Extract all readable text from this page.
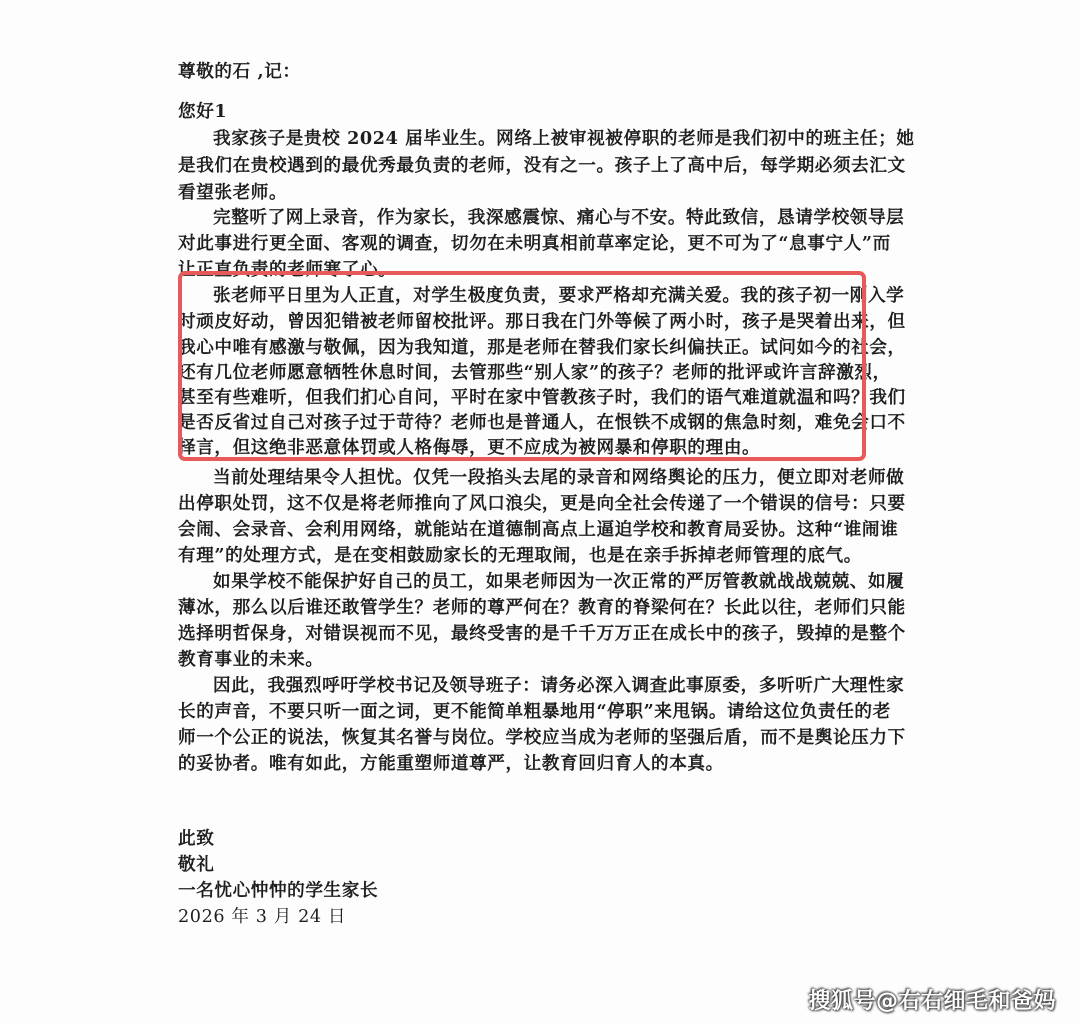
尊敬的石 ,记：
您好1
我家孩子是贵校 2024 届毕业生。网络上被审视被停职的老师是我们初中的班主任；她
是我们在贵校遇到的最优秀最负责的老师，没有之一。孩子上了高中后，每学期必须去汇文
看望张老师。
完整听了网上录音，作为家长，我深感震惊、痛心与不安。特此致信，恳请学校领导层
对此事进行更全面、客观的调查，切勿在未明真相前草率定论，更不可为了“息事宁人”而
让正直负责的老师寒了心。
张老师平日里为人正直，对学生极度负责，要求严格却充满关爱。我的孩子初一刚入学
时顽皮好动，曾因犯错被老师留校批评。那日我在门外等候了两小时，孩子是哭着出来，但
我心中唯有感激与敬佩，因为我知道，那是老师在替我们家长纠偏扶正。试问如今的社会，
还有几位老师愿意牺牲休息时间，去管那些“别人家”的孩子？老师的批评或许言辞激烈，
甚至有些难听，但我们扪心自问，平时在家中管教孩子时，我们的语气难道就温和吗？我们
是否反省过自己对孩子过于苛待？老师也是普通人，在恨铁不成钢的焦急时刻，难免会口不
择言，但这绝非恶意体罚或人格侮辱，更不应成为被网暴和停职的理由。
当前处理结果令人担忧。仅凭一段掐头去尾的录音和网络舆论的压力，便立即对老师做
出停职处罚，这不仅是将老师推向了风口浪尖，更是向全社会传递了一个错误的信号：只要
会闹、会录音、会利用网络，就能站在道德制高点上逼迫学校和教育局妥协。这种“谁闹谁
有理”的处理方式，是在变相鼓励家长的无理取闹，也是在亲手拆掉老师管理的底气。
如果学校不能保护好自己的员工，如果老师因为一次正常的严厉管教就战战兢兢、如履
薄冰，那么以后谁还敢管学生？老师的尊严何在？教育的脊梁何在？长此以往，老师们只能
选择明哲保身，对错误视而不见，最终受害的是千千万万正在成长中的孩子，毁掉的是整个
教育事业的未来。
因此，我强烈呼吁学校书记及领导班子：请务必深入调查此事原委，多听听广大理性家
长的声音，不要只听一面之词，更不能简单粗暴地用“停职”来甩锅。请给这位负责任的老
师一个公正的说法，恢复其名誉与岗位。学校应当成为老师的坚强后盾，而不是舆论压力下
的妥协者。唯有如此，方能重塑师道尊严，让教育回归育人的本真。
此致
敬礼
一名忧心忡忡的学生家长
2026 年 3 月 24 日
搜狐号@右右细毛和爸妈
